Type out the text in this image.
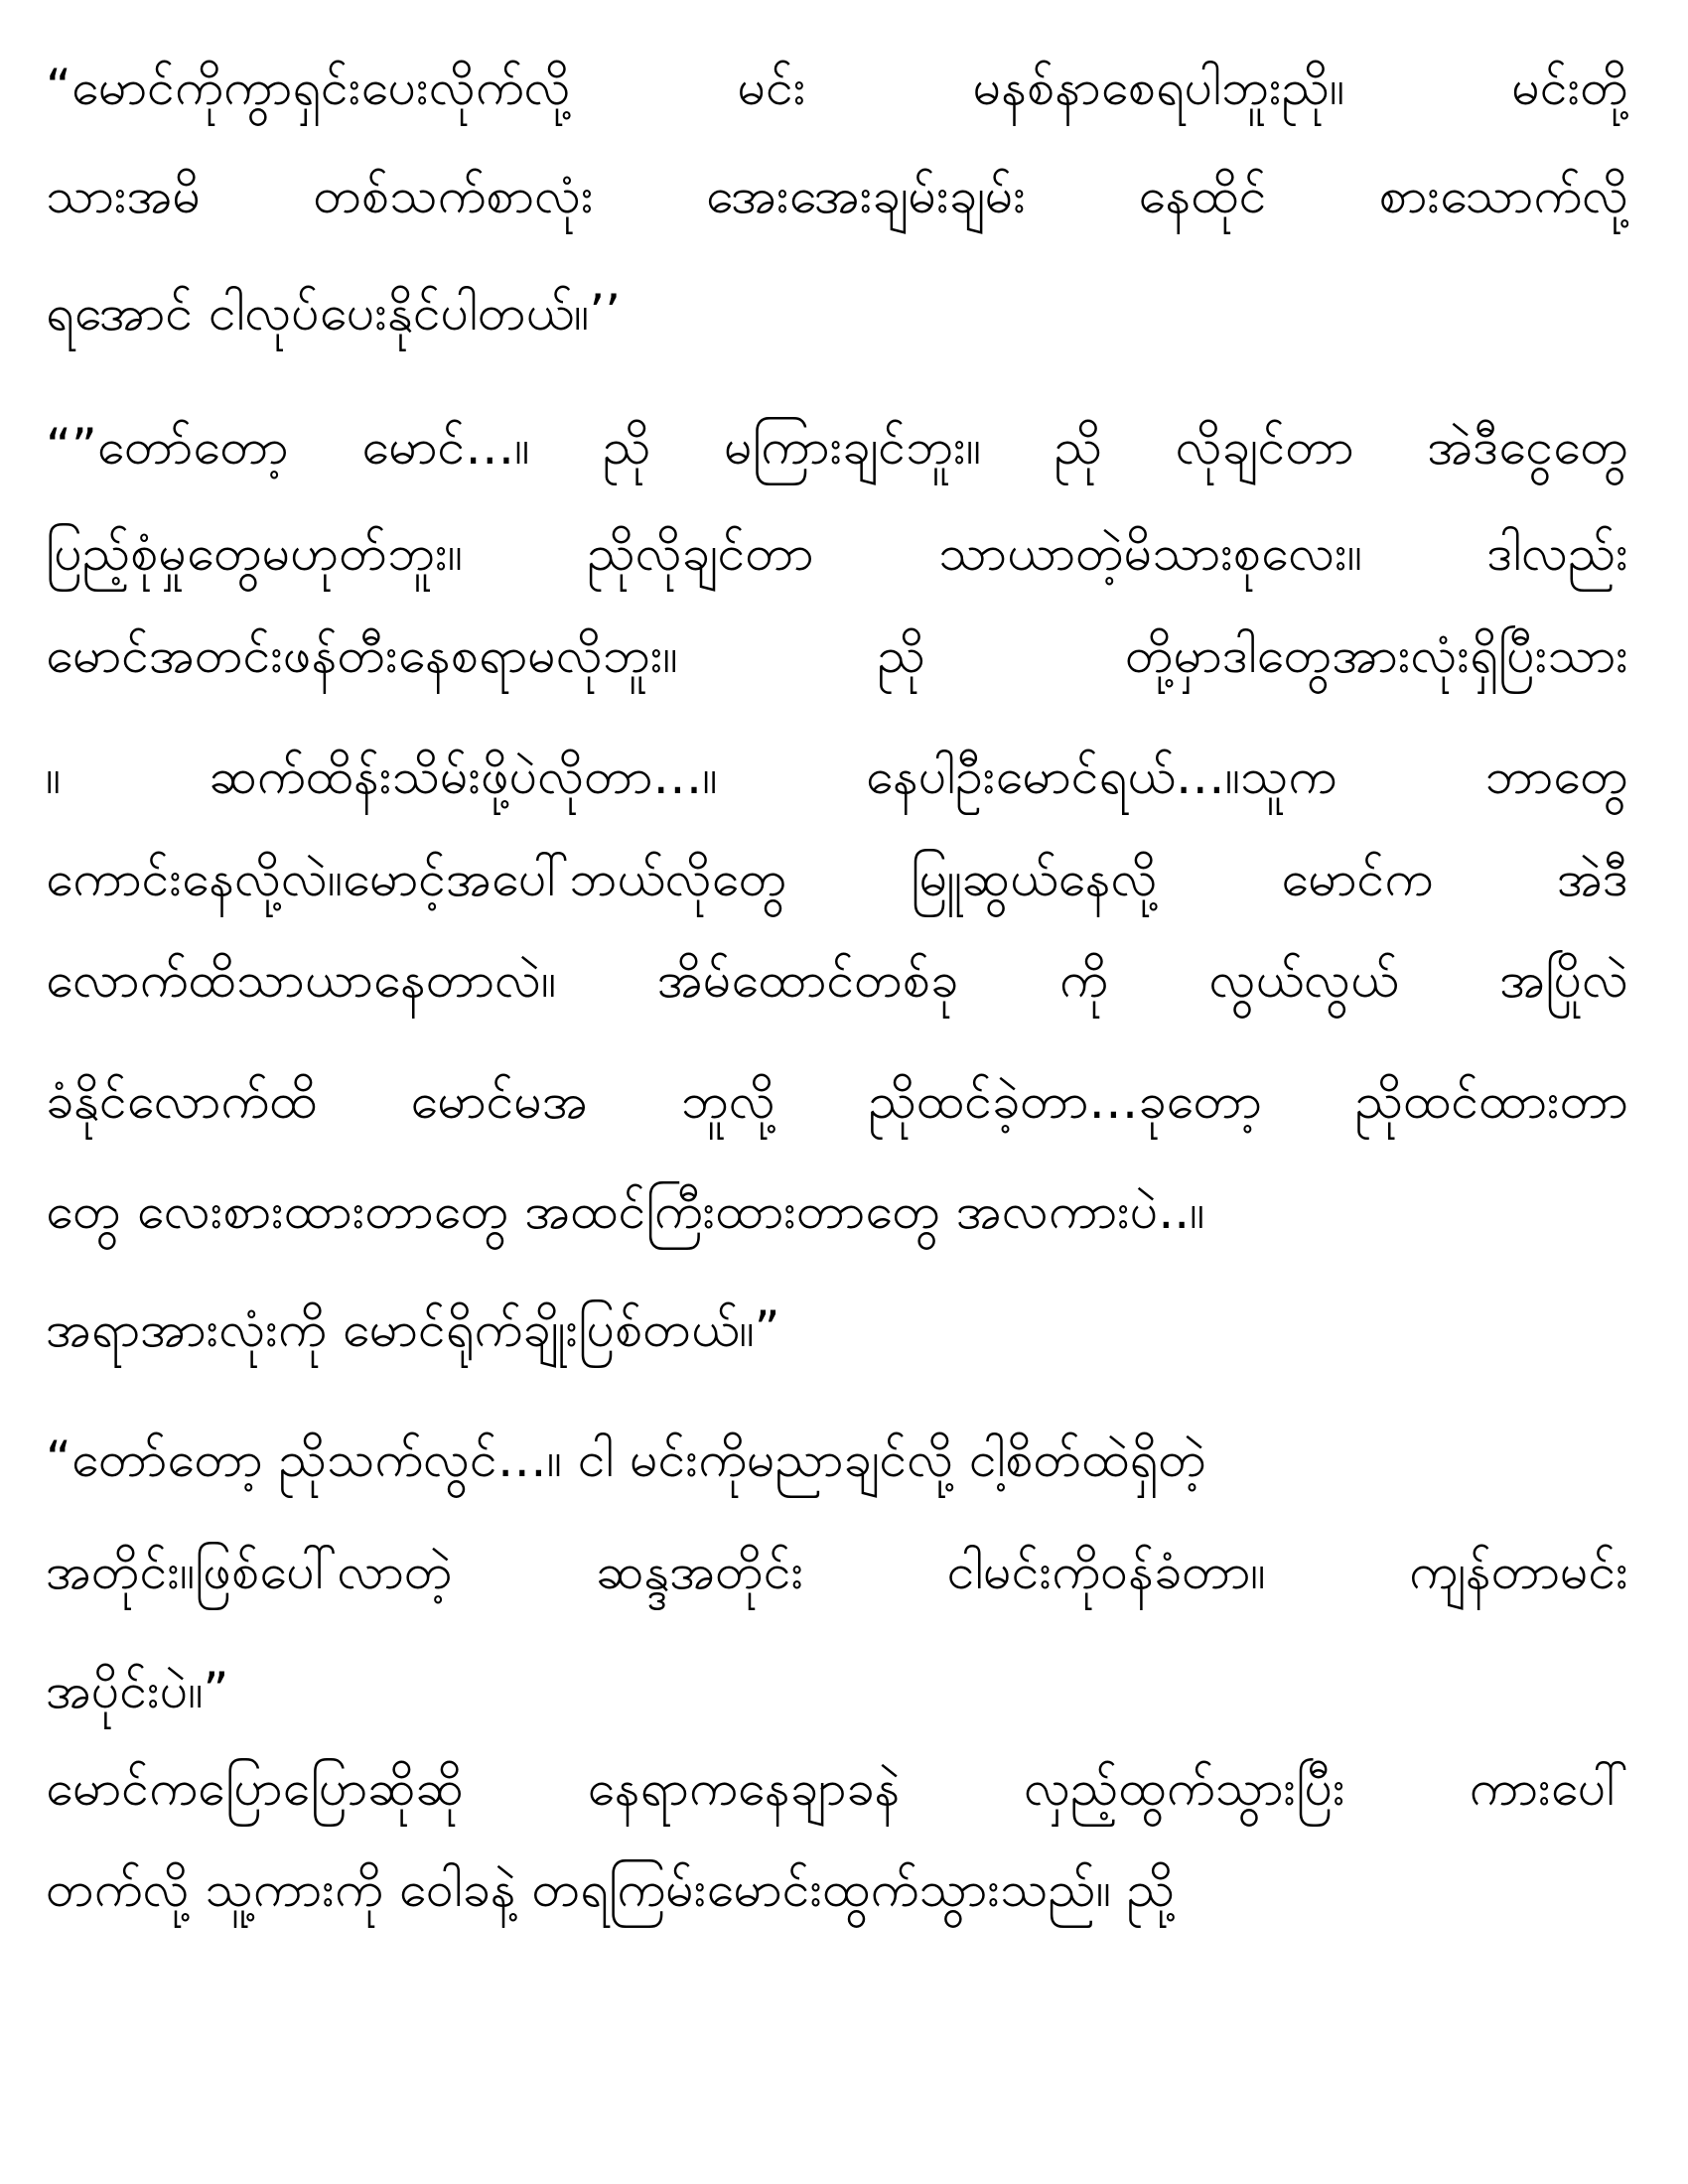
“မောင်ကိုကွာရှင်းပေးလိုက်လို့ မင်း မနစ်နာစေရပါဘူးညို။ မင်းတို့
သားအမိ တစ်သက်စာလုံး အေးအေးချမ်းချမ်း နေထိုင် စားသောက်လို့
ရအောင် ငါလုပ်ပေးနိုင်ပါတယ်။’’
“”တော်တော့ မောင်…။ ညို မကြားချင်ဘူး။ ညို လိုချင်တာ အဲဒီငွေတွေ
ပြည့်စုံမှုတွေမဟုတ်ဘူး။ ညိုလိုချင်တာ သာယာတဲ့မိသားစုလေး။ ဒါလည်း
မောင်အတင်းဖန်တီးနေစရာမလိုဘူး။ ညို တို့မှာဒါတွေအားလုံးရှိပြီးသား
။ ဆက်ထိန်းသိမ်းဖို့ပဲလိုတာ…။ နေပါဦးမောင်ရယ်…။သူက ဘာတွေ
ကောင်းနေလို့လဲ။မောင့်အပေါ်ဘယ်လိုတွေ မြူဆွယ်နေလို့ မောင်က အဲဒီ
လောက်ထိသာယာနေတာလဲ။ အိမ်ထောင်တစ်ခု ကို လွယ်လွယ် အပြိုလဲ
ခံနိုင်လောက်ထိ မောင်မအ ဘူလို့ ညိုထင်ခဲ့တာ…ခုတော့ ညိုထင်ထားတာ
တွေ လေးစားထားတာတွေ အထင်ကြီးထားတာတွေ အလကားပဲ..။
အရာအားလုံးကို မောင်ရိုက်ချိုးပြစ်တယ်။”
“တော်တော့ ညိုသက်လွင်…။ ငါ မင်းကိုမညာချင်လို့ ငါ့စိတ်ထဲရှိတဲ့
အတိုင်း။ဖြစ်ပေါ်လာတဲ့ ဆန္ဒအတိုင်း ငါမင်းကိုဝန်ခံတာ။ ကျန်တာမင်း
အပိုင်းပဲ။”
မောင်ကပြောပြောဆိုဆို နေရာကနေချာခနဲ လှည့်ထွက်သွားပြီး ကားပေါ်
တက်လို့ သူ့ကားကို ဝေါခနဲ့ တရကြမ်းမောင်းထွက်သွားသည်။ ညို့
